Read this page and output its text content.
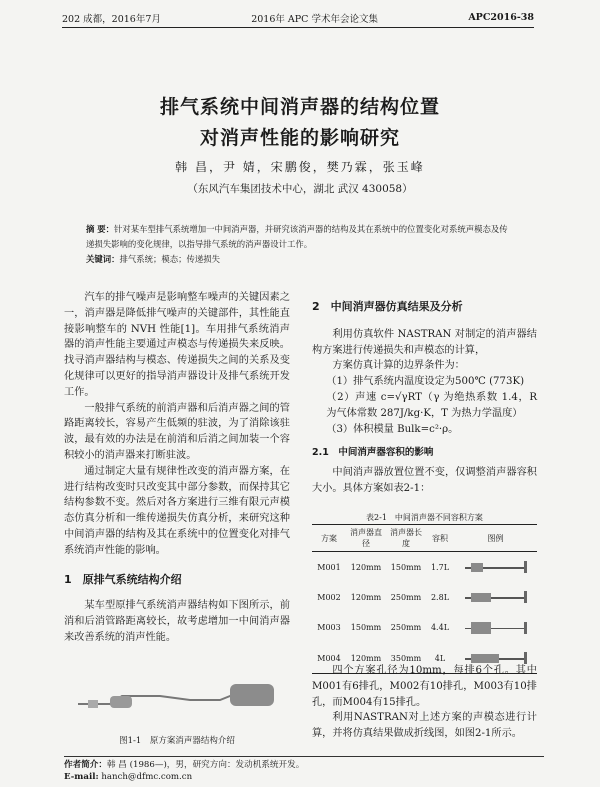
202 成都，2016年7月	2016年 APC 学术年会论文集	APC2016-38
排气系统中间消声器的结构位置
对消声性能的影响研究
韩 昌，尹 婧，宋鹏俊，樊乃霖，张玉峰
（东风汽车集团技术中心，湖北 武汉 430058）
摘 要：针对某车型排气系统增加一中间消声器，并研究该消声器的结构及其在系统中的位置变化对系统声模态及传递损失影响的变化规律，以指导排气系统的消声器设计工作。
关键词：排气系统；模态；传递损失

汽车的排气噪声是影响整车噪声的关键因素之一，消声器是降低排气噪声的关键部件，其性能直接影响整车的 NVH 性能[1]。车用排气系统消声器的消声性能主要通过声模态与传递损失来反映。找寻消声器结构与模态、传递损失之间的关系及变化规律可以更好的指导消声器设计及排气系统开发工作。

一般排气系统的前消声器和后消声器之间的管路距离较长，容易产生低频的驻波，为了消除该驻波，最有效的办法是在前消和后消之间加装一个容积较小的消声器来打断驻波。

通过制定大量有规律性改变的消声器方案，在进行结构改变时只改变其中部分参数，而保持其它结构参数不变。然后对各方案进行三维有限元声模态仿真分析和一维传递损失仿真分析，来研究这种中间消声器的结构及其在系统中的位置变化对排气系统消声性能的影响。

1　原排气系统结构介绍

某车型原排气系统消声器结构如下图所示，前消和后消管路距离较长，故考虑增加一中间消声器来改善系统的消声性能。

图1-1　原方案消声器结构介绍

2　中间消声器仿真结果及分析

利用仿真软件 NASTRAN 对制定的消声器结构方案进行传递损失和声模态的计算，

方案仿真计算的边界条件为：

（1）排气系统内温度设定为500℃ (773K)
（2）声速 c=√γRT（γ 为绝热系数 1.4，R 为气体常数 287J/kg·K，T 为热力学温度）
（3）体积模量 Bulk=c²·ρ。
2.1　中间消声器容积的影响

中间消声器放置位置不变，仅调整消声器容积大小。具体方案如表2-1：

表2-1　中间消声器不同容积方案
方案	消声器直径	消声器长度	容积	图例
M001	120mm	150mm	1.7L	

M002	120mm	250mm	2.8L	

M003	150mm	250mm	4.4L	

M004	120mm	350mm	4L	

四个方案孔径为10mm，每排6个孔。其中M001有6排孔，M002有10排孔，M003有10排孔，而M004有15排孔。

利用NASTRAN对上述方案的声模态进行计算，并将仿真结果做成折线图，如图2-1所示。

作者简介：韩 昌 (1986—)，男，研究方向：发动机系统开发。
E-mail: hanch@dfmc.com.cn
